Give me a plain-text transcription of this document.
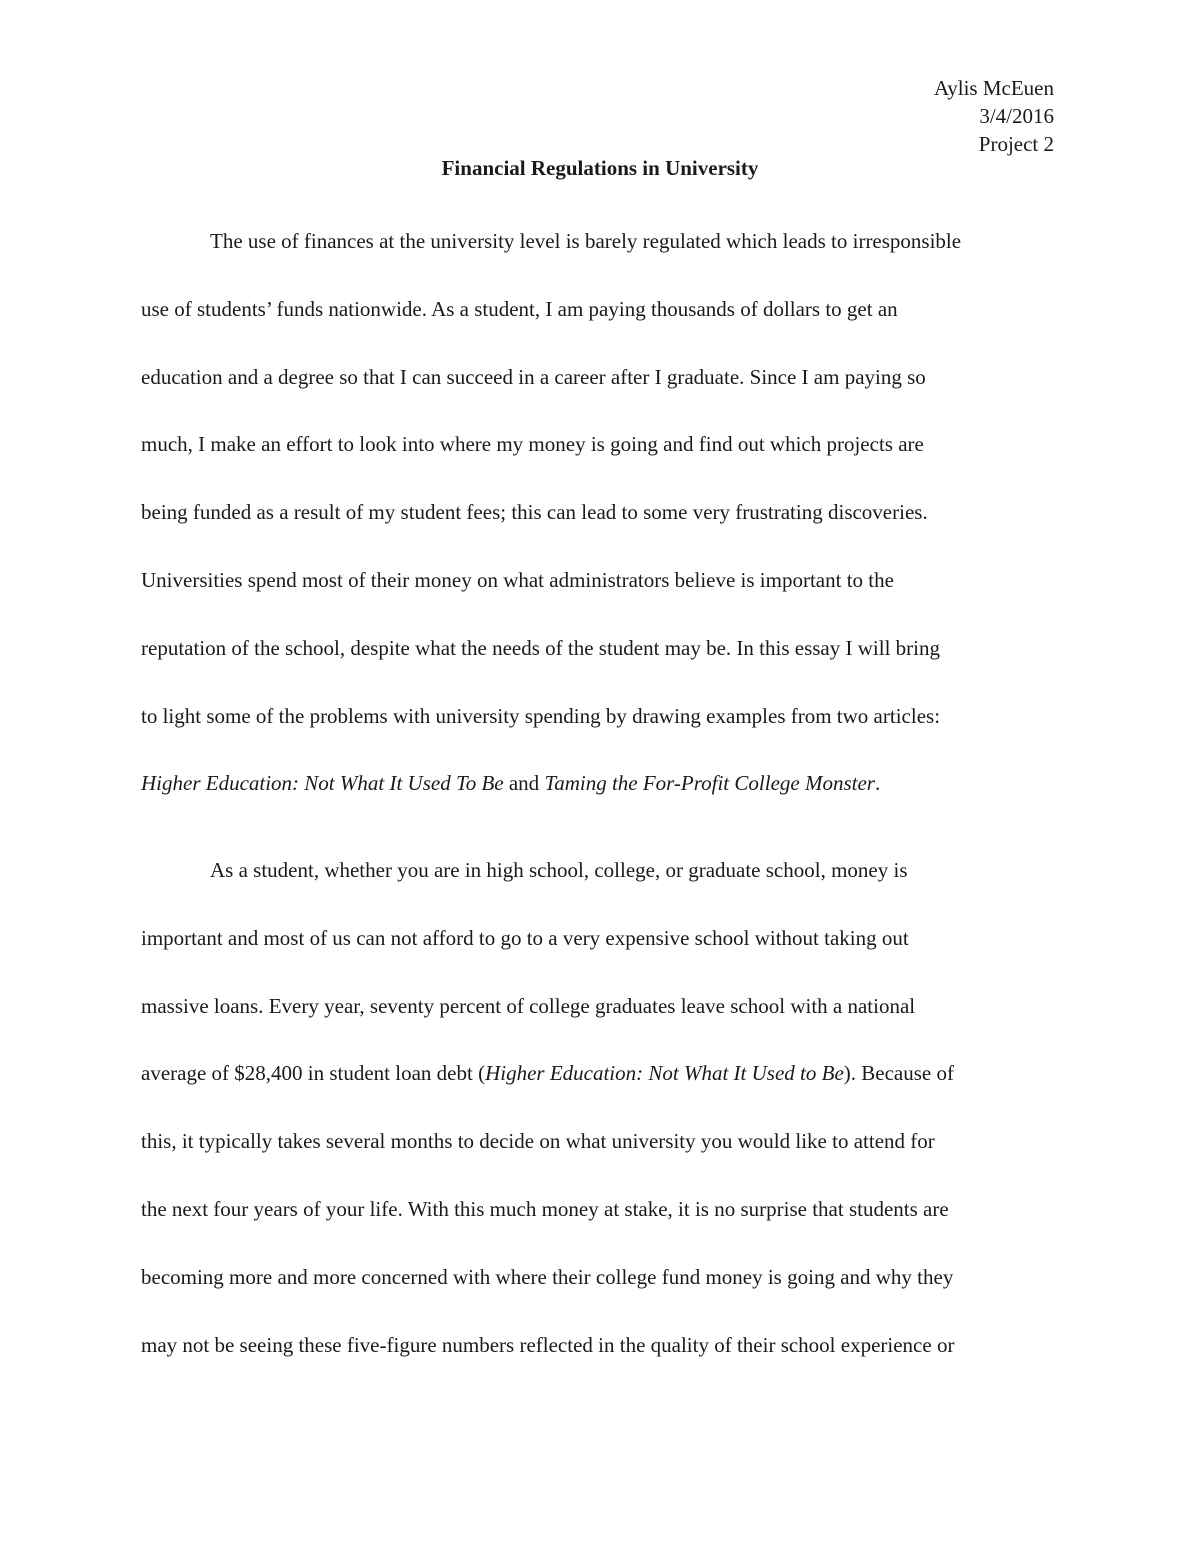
Aylis McEuen
3/4/2016
Project 2
Financial Regulations in University
The use of finances at the university level is barely regulated which leads to irresponsible
use of students’ funds nationwide. As a student, I am paying thousands of dollars to get an
education and a degree so that I can succeed in a career after I graduate. Since I am paying so
much, I make an effort to look into where my money is going and find out which projects are
being funded as a result of my student fees; this can lead to some very frustrating discoveries.
Universities spend most of their money on what administrators believe is important to the
reputation of the school, despite what the needs of the student may be. In this essay I will bring
to light some of the problems with university spending by drawing examples from two articles:
Higher Education: Not What It Used To Be and Taming the For-Profit College Monster.
As a student, whether you are in high school, college, or graduate school, money is
important and most of us can not afford to go to a very expensive school without taking out
massive loans. Every year, seventy percent of college graduates leave school with a national
average of $28,400 in student loan debt (Higher Education: Not What It Used to Be). Because of
this, it typically takes several months to decide on what university you would like to attend for
the next four years of your life. With this much money at stake, it is no surprise that students are
becoming more and more concerned with where their college fund money is going and why they
may not be seeing these five-figure numbers reflected in the quality of their school experience or
